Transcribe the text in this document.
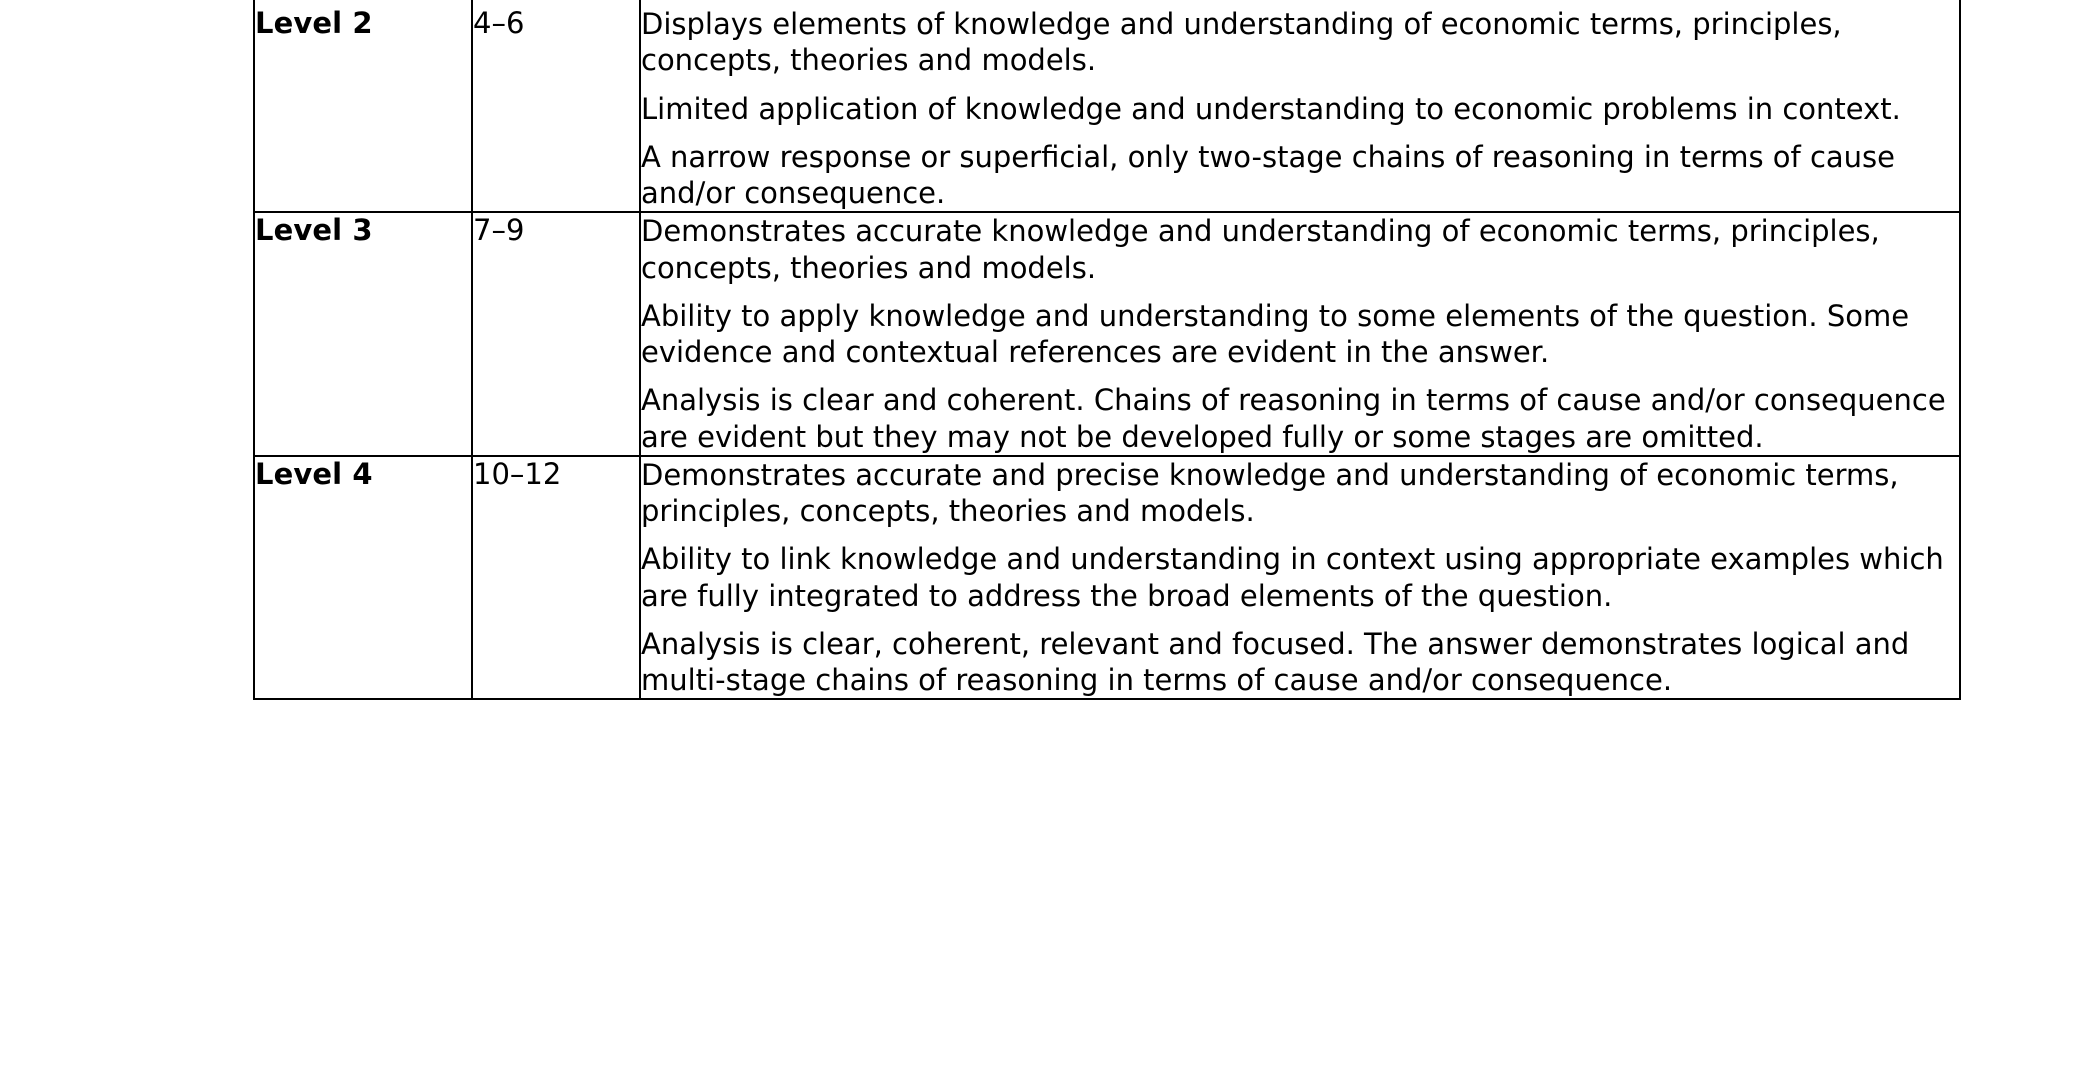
Level 2	4–6	Displays elements of knowledge and understanding of economic terms, principles, concepts, theories and models.

Limited application of knowledge and understanding to economic problems in context.

A narrow response or superficial, only two-stage chains of reasoning in terms of cause and/or consequence.

Level 3	7–9	Demonstrates accurate knowledge and understanding of economic terms, principles, concepts, theories and models.

Ability to apply knowledge and understanding to some elements of the question. Some evidence and contextual references are evident in the answer.

Analysis is clear and coherent. Chains of reasoning in terms of cause and/or consequence are evident but they may not be developed fully or some stages are omitted.

Level 4	10–12	Demonstrates accurate and precise knowledge and understanding of economic terms, principles, concepts, theories and models.

Ability to link knowledge and understanding in context using appropriate examples which are fully integrated to address the broad elements of the question.

Analysis is clear, coherent, relevant and focused. The answer demonstrates logical and multi-stage chains of reasoning in terms of cause and/or consequence.
